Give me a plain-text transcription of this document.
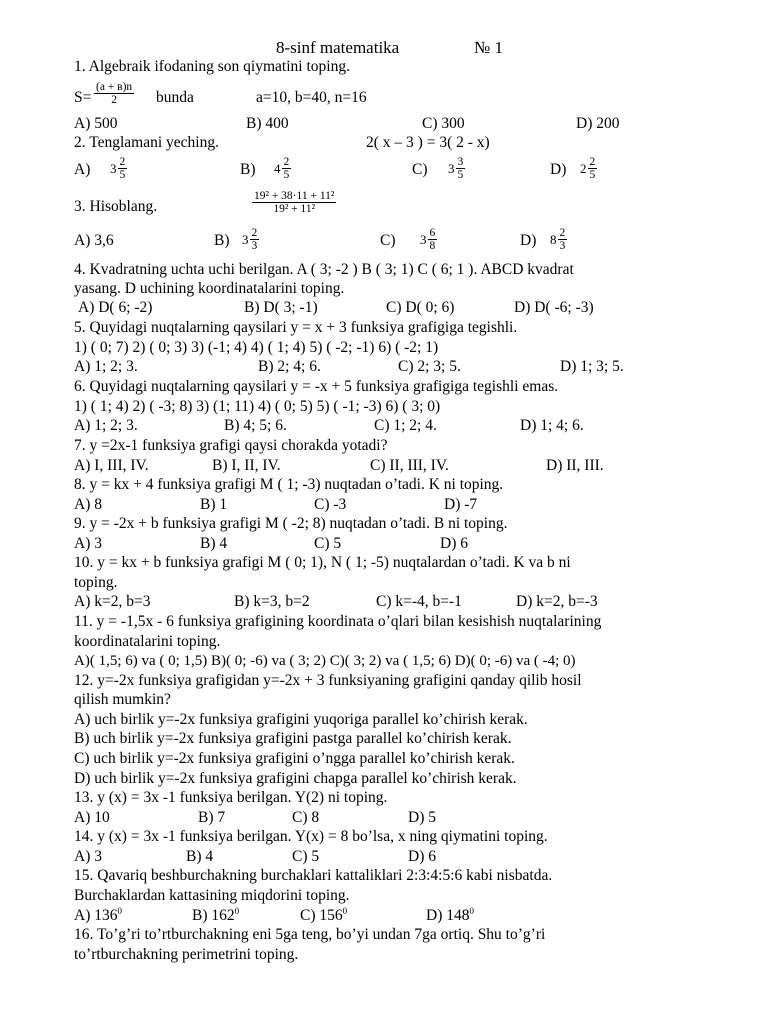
8-sinf matematika	№ 1
1. Algebraik ifodaning son qiymatini toping.
$S= \frac{(a + в)n}{2}$ bunda	a=10, b=40, n=16
A) 500	B) 400	C) 300	D) 200
2. Tenglamani yeching.	2( x – 3 ) = 3( 2 - x)
A) $3 \frac{2}{5}$	B) $4 \frac{2}{5}$	C) $3 \frac{3}{5}$	D) $2 \frac{2}{5}$
3. Hisoblang.	$\frac{\text{19² + 38·11 + 11²}}{\text{19² + 11²}}$
A) 3,6	B) $3 \frac{2}{3}$	C) $3 \frac{6}{8}$	D) $8 \frac{2}{3}$
4. Kvadratning uchta uchi berilgan. A ( 3; -2 ) B ( 3; 1) C ( 6; 1 ). ABCD kvadrat
yasang. D uchining koordinatalarini toping.
A) D( 6; -2)	B) D( 3; -1)	C) D( 0; 6)	D) D( -6; -3)
5. Quyidagi nuqtalarning qaysilari y = x + 3 funksiya grafigiga tegishli.
1) ( 0; 7) 2) ( 0; 3) 3) (-1; 4) 4) ( 1; 4) 5) ( -2; -1) 6) ( -2; 1)
A) 1; 2; 3.	B) 2; 4; 6.	C) 2; 3; 5.	D) 1; 3; 5.
6. Quyidagi nuqtalarning qaysilari y = -x + 5 funksiya grafigiga tegishli emas.
1) ( 1; 4) 2) ( -3; 8) 3) (1; 11) 4) ( 0; 5) 5) ( -1; -3) 6) ( 3; 0)
A) 1; 2; 3.	B) 4; 5; 6.	C) 1; 2; 4.	D) 1; 4; 6.
7. y =2x-1 funksiya grafigi qaysi chorakda yotadi?
A) I, III, IV.	B) I, II, IV.	C) II, III, IV.	D) II, III.
8. y = kx + 4 funksiya grafigi M ( 1; -3) nuqtadan o’tadi. K ni toping.
A) 8	B) 1	C) -3	D) -7
9. y = -2x + b funksiya grafigi M ( -2; 8) nuqtadan o’tadi. B ni toping.
A) 3	B) 4	C) 5	D) 6
10. y = kx + b funksiya grafigi M ( 0; 1), N ( 1; -5) nuqtalardan o’tadi. K va b ni
toping.
A) k=2, b=3	B) k=3, b=2	C) k=-4, b=-1	D) k=2, b=-3
11. y = -1,5x - 6 funksiya grafigining koordinata o’qlari bilan kesishish nuqtalarining
koordinatalarini toping.
A)( 1,5; 6) va ( 0; 1,5) B)( 0; -6) va ( 3; 2) C)( 3; 2) va ( 1,5; 6) D)( 0; -6) va ( -4; 0)
12. y=-2x funksiya grafigidan y=-2x + 3 funksiyaning grafigini qanday qilib hosil
qilish mumkin?
A) uch birlik y=-2x funksiya grafigini yuqoriga parallel ko’chirish kerak.
B) uch birlik y=-2x funksiya grafigini pastga parallel ko’chirish kerak.
C) uch birlik y=-2x funksiya grafigini o’ngga parallel ko’chirish kerak.
D) uch birlik y=-2x funksiya grafigini chapga parallel ko’chirish kerak.
13. y (x) = 3x -1 funksiya berilgan. Y(2) ni toping.
A) 10	B) 7	C) 8	D) 5
14. y (x) = 3x -1 funksiya berilgan. Y(x) = 8 bo’lsa, x ning qiymatini toping.
A) 3	B) 4	C) 5	D) 6
15. Qavariq beshburchakning burchaklari kattaliklari 2:3:4:5:6 kabi nisbatda.
Burchaklardan kattasining miqdorini toping.
A) $136^0$	B) $162^0$	C) $156^0$	D) $148^0$
16. To’g’ri to’rtburchakning eni 5ga teng, bo’yi undan 7ga ortiq. Shu to’g’ri
to’rtburchakning perimetrini toping.
